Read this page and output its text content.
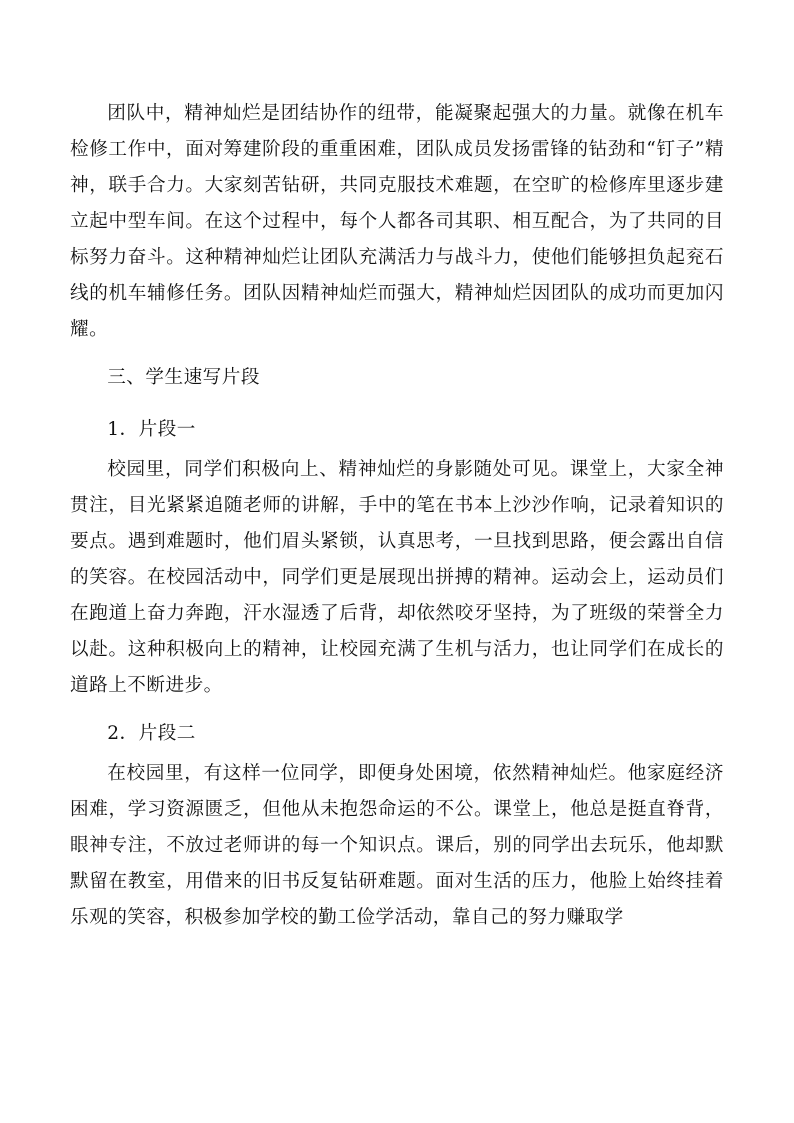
团队中，精神灿烂是团结协作的纽带，能凝聚起强大的力量。就像在机车检修工作中，面对筹建阶段的重重困难，团队成员发扬雷锋的钻劲和“钉子”精神，联手合力。大家刻苦钻研，共同克服技术难题，在空旷的检修库里逐步建立起中型车间。在这个过程中，每个人都各司其职、相互配合，为了共同的目标努力奋斗。这种精神灿烂让团队充满活力与战斗力，使他们能够担负起兖石线的机车辅修任务。团队因精神灿烂而强大，精神灿烂因团队的成功而更加闪耀。

三、学生速写片段

1．片段一

校园里，同学们积极向上、精神灿烂的身影随处可见。课堂上，大家全神贯注，目光紧紧追随老师的讲解，手中的笔在书本上沙沙作响，记录着知识的要点。遇到难题时，他们眉头紧锁，认真思考，一旦找到思路，便会露出自信的笑容。在校园活动中，同学们更是展现出拼搏的精神。运动会上，运动员们在跑道上奋力奔跑，汗水湿透了后背，却依然咬牙坚持，为了班级的荣誉全力以赴。这种积极向上的精神，让校园充满了生机与活力，也让同学们在成长的道路上不断进步。

2．片段二

在校园里，有这样一位同学，即便身处困境，依然精神灿烂。他家庭经济困难，学习资源匮乏，但他从未抱怨命运的不公。课堂上，他总是挺直脊背，眼神专注，不放过老师讲的每一个知识点。课后，别的同学出去玩乐，他却默默留在教室，用借来的旧书反复钻研难题。面对生活的压力，他脸上始终挂着乐观的笑容，积极参加学校的勤工俭学活动，靠自己的努力赚取学
